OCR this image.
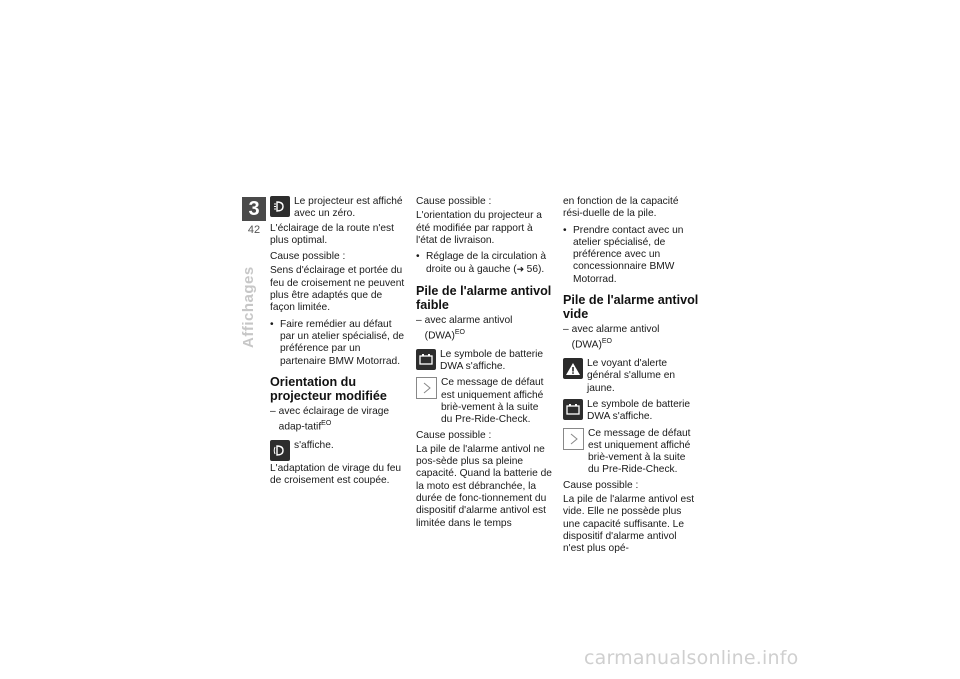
3
42
Affichages
Le projecteur est affiché avec un zéro.

L'éclairage de la route n'est plus optimal.

Cause possible :

Sens d'éclairage et portée du feu de croisement ne peuvent plus être adaptés que de façon limitée.

• Faire remédier au défaut par un atelier spécialisé, de préférence par un partenaire BMW Motorrad.
Orientation du projecteur modifiée
– avec éclairage de virage adap-tatif$^{EO}$
s'affiche.

L'adaptation de virage du feu de croisement est coupée.

Cause possible :

L'orientation du projecteur a été modifiée par rapport à l'état de livraison.

• Réglage de la circulation à droite ou à gauche (➜ 56).
Pile de l'alarme antivol faible
– avec alarme antivol (DWA)$^{EO}$
Le symbole de batterie DWA s'affiche.
Ce message de défaut est uniquement affiché briè-vement à la suite du Pre-Ride-Check.

Cause possible :

La pile de l'alarme antivol ne pos-sède plus sa pleine capacité. Quand la batterie de la moto est débranchée, la durée de fonc-tionnement du dispositif d'alarme antivol est limitée dans le temps

en fonction de la capacité rési-duelle de la pile.

• Prendre contact avec un atelier spécialisé, de préférence avec un concessionnaire BMW Motorrad.
Pile de l'alarme antivol vide
– avec alarme antivol (DWA)$^{EO}$
Le voyant d'alerte général s'allume en jaune.
Le symbole de batterie DWA s'affiche.
Ce message de défaut est uniquement affiché briè-vement à la suite du Pre-Ride-Check.

Cause possible :

La pile de l'alarme antivol est vide. Elle ne possède plus une capacité suffisante. Le dispositif d'alarme antivol n'est plus opé-

carmanualsonline.info
